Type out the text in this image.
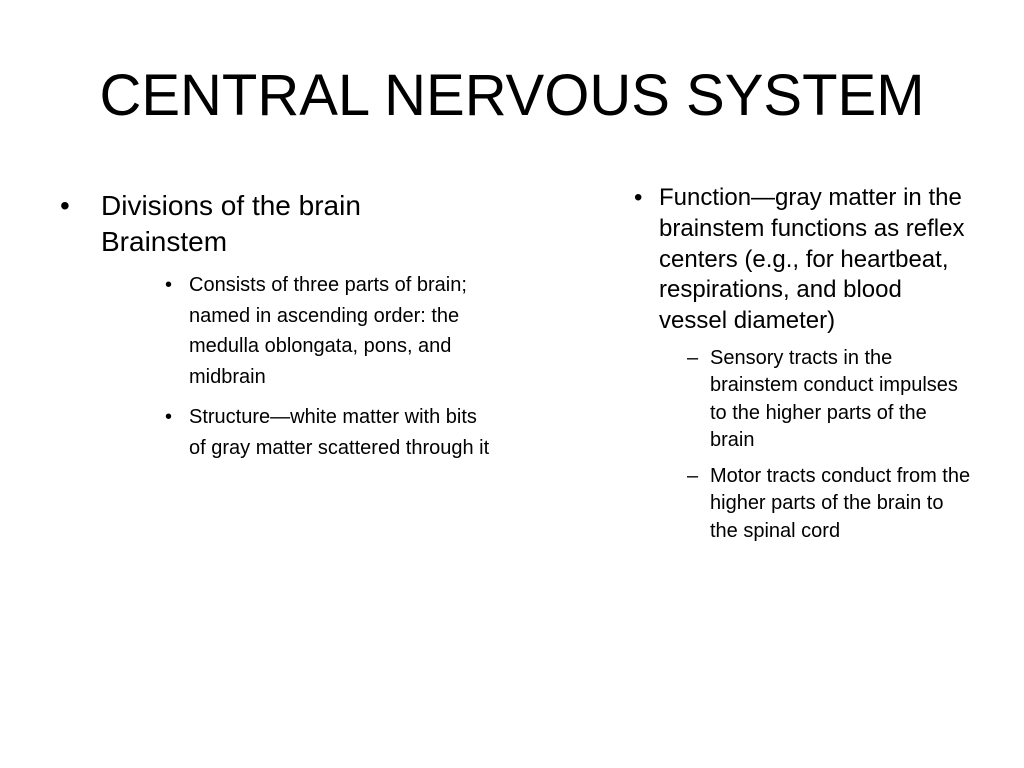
CENTRAL NERVOUS SYSTEM
• Divisions of the brain
Brainstem
• Consists of three parts of brain; named in ascending order: the medulla oblongata, pons, and midbrain
• Structure—white matter with bits of gray matter scattered through it
• Function—gray matter in the brainstem functions as reflex centers (e.g., for heartbeat, respirations, and blood vessel diameter)
– Sensory tracts in the brainstem conduct impulses to the higher parts of the brain
– Motor tracts conduct from the higher parts of the brain to the spinal cord
